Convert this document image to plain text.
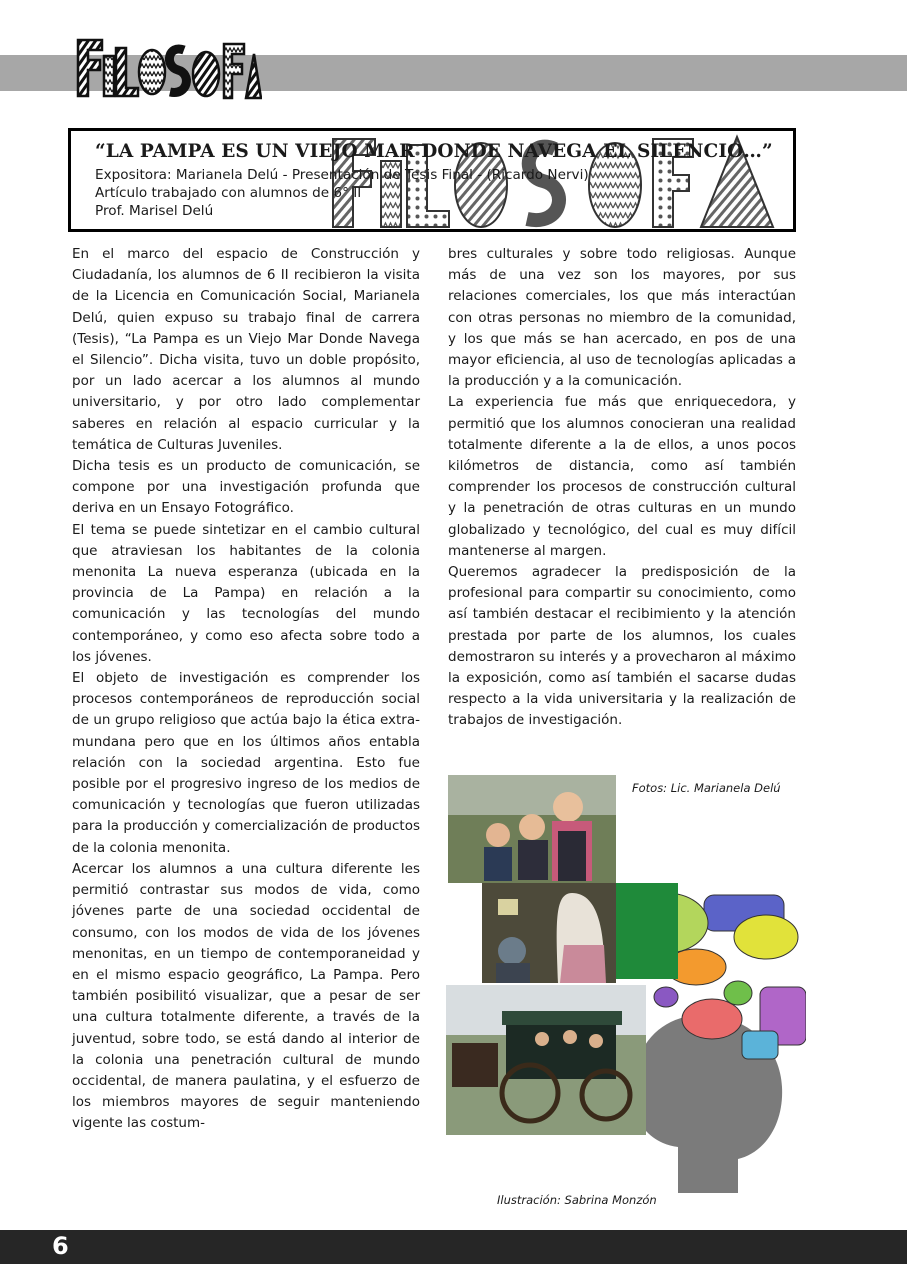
“LA PAMPA ES UN VIEJO MAR DONDE NAVEGA EL SILENCIO…”
Expositora: Marianela Delú - Presentación de Tesis Final - (Ricardo Nervi)
Artículo trabajado con alumnos de 6° II
Prof. Marisel Delú

En el marco del espacio de Construcción y Ciudadanía, los alumnos de 6 II recibieron la visita de la Licencia en Comunicación Social, Marianela Delú, quien expuso su trabajo final de carrera (Tesis), “La Pampa es un Viejo Mar Donde Navega el Silencio”. Dicha visita, tuvo un doble propósito, por un lado acercar a los alumnos al mundo universitario, y por otro lado complementar saberes en relación al espacio curricular y la temática de Culturas Juveniles.

Dicha tesis es un producto de comunicación, se compone por una investigación profunda que deriva en un Ensayo Fotográfico.

El tema se puede sintetizar en el cambio cultural que atraviesan los habitantes de la colonia menonita La nueva esperanza (ubicada en la provincia de La Pampa) en relación a la comunicación y las tecnologías del mundo contemporáneo, y como eso afecta sobre todo a los jóvenes.

El objeto de investigación es comprender los procesos contemporáneos de reproducción social de un grupo religioso que actúa bajo la ética extra-mundana pero que en los últimos años entabla relación con la sociedad argentina. Esto fue posible por el progresivo ingreso de los medios de comunicación y tecnologías que fueron utilizadas para la producción y comercialización de productos de la colonia menonita.

Acercar los alumnos a una cultura diferente les permitió contrastar sus modos de vida, como jóvenes parte de una sociedad occidental de consumo, con los modos de vida de los jóvenes menonitas, en un tiempo de contemporaneidad y en el mismo espacio geográfico, La Pampa. Pero también posibilitó visualizar, que a pesar de ser una cultura totalmente diferente, a través de la juventud, sobre todo, se está dando al interior de la colonia una penetración cultural de mundo occidental, de manera paulatina, y el esfuerzo de los miembros mayores de seguir manteniendo vigente las costum-

bres culturales y sobre todo religiosas. Aunque más de una vez son los mayores, por sus relaciones comerciales, los que más interactúan con otras personas no miembro de la comunidad, y los que más se han acercado, en pos de una mayor eficiencia, al uso de tecnologías aplicadas a la producción y a la comunicación.

La experiencia fue más que enriquecedora, y permitió que los alumnos conocieran una realidad totalmente diferente a la de ellos, a unos pocos kilómetros de distancia, como así también comprender los procesos de construcción cultural y la penetración de otras culturas en un mundo globalizado y tecnológico, del cual es muy difícil mantenerse al margen.

Queremos agradecer la predisposición de la profesional para compartir su conocimiento, como así también destacar el recibimiento y la atención prestada por parte de los alumnos, los cuales demostraron su interés y a provecharon al máximo la exposición, como así también el sacarse dudas respecto a la vida universitaria y la realización de trabajos de investigación.

Fotos: Lic. Marianela Delú
Ilustración: Sabrina Monzón
6
